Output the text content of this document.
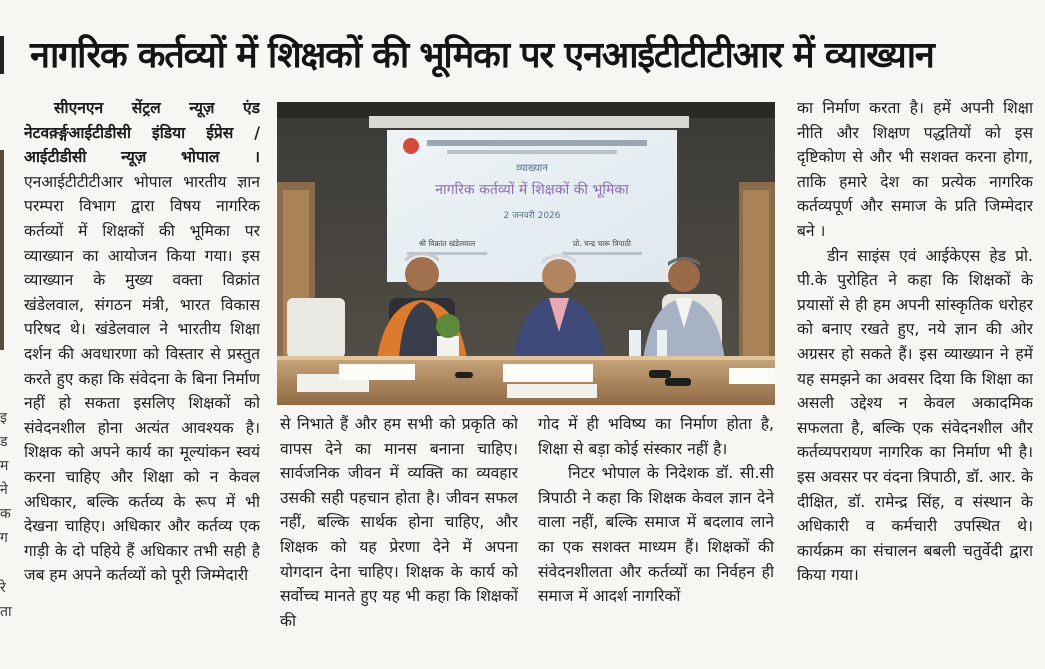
इ
ड
म
ने
क
ग
रे
ता
नागरिक कर्तव्यों में शिक्षकों की भूमिका पर एनआईटीटीटीआर में व्याख्यान

सीएनएन सेंट्रल न्यूज़ एंड नेटवर्क़्ङ्गआईटीडीसी इंडिया ईप्रेस /आईटीडीसी न्यूज़ भोपाल । एनआईटीटीटीआर भोपाल भारतीय ज्ञान परम्परा विभाग द्वारा विषय नागरिक कर्तव्यों में शिक्षकों की भूमिका पर व्याख्यान का आयोजन किया गया। इस व्याख्यान के मुख्य वक्ता विक्रांत खंडेलवाल, संगठन मंत्री, भारत विकास परिषद थे। खंडेलवाल ने भारतीय शिक्षा दर्शन की अवधारणा को विस्तार से प्रस्तुत करते हुए कहा कि संवेदना के बिना निर्माण नहीं हो सकता इसलिए शिक्षकों को संवेदनशील होना अत्यंत आवश्यक है। शिक्षक को अपने कार्य का मूल्यांकन स्वयं करना चाहिए और शिक्षा को न केवल अधिकार, बल्कि कर्तव्य के रूप में भी देखना चाहिए। अधिकार और कर्तव्य एक गाड़ी के दो पहिये हैं अधिकार तभी सही है जब हम अपने कर्तव्यों को पूरी जिम्मेदारी

व्याख्यान
नागरिक कर्तव्यों में शिक्षकों की भूमिका
2 जनवरी 2026
श्री विक्रांत खंडेलवाल	प्रो. चन्द्र चारू त्रिपाठी

से निभाते हैं और हम सभी को प्रकृति को वापस देने का मानस बनाना चाहिए। सार्वजनिक जीवन में व्यक्ति का व्यवहार उसकी सही पहचान होता है। जीवन सफल नहीं, बल्कि सार्थक होना चाहिए, और शिक्षक को यह प्रेरणा देने में अपना योगदान देना चाहिए। शिक्षक के कार्य को सर्वोच्च मानते हुए यह भी कहा कि शिक्षकों की

गोद में ही भविष्य का निर्माण होता है, शिक्षा से बड़ा कोई संस्कार नहीं है।

निटर भोपाल के निदेशक डॉ. सी.सी त्रिपाठी ने कहा कि शिक्षक केवल ज्ञान देने वाला नहीं, बल्कि समाज में बदलाव लाने का एक सशक्त माध्यम हैं। शिक्षकों की संवेदनशीलता और कर्तव्यों का निर्वहन ही समाज में आदर्श नागरिकों

का निर्माण करता है। हमें अपनी शिक्षा नीति और शिक्षण पद्धतियों को इस दृष्टिकोण से और भी सशक्त करना होगा, ताकि हमारे देश का प्रत्येक नागरिक कर्तव्यपूर्ण और समाज के प्रति जिम्मेदार बने ।

डीन साइंस एवं आईकेएस हेड प्रो. पी.के पुरोहित ने कहा कि शिक्षकों के प्रयासों से ही हम अपनी सांस्कृतिक धरोहर को बनाए रखते हुए, नये ज्ञान की ओर अग्रसर हो सकते हैं। इस व्याख्यान ने हमें यह समझने का अवसर दिया कि शिक्षा का असली उद्देश्य न केवल अकादमिक सफलता है, बल्कि एक संवेदनशील और कर्तव्यपरायण नागरिक का निर्माण भी है। इस अवसर पर वंदना त्रिपाठी, डॉ. आर. के दीक्षित, डॉ. रामेन्द्र सिंह, व संस्थान के अधिकारी व कर्मचारी उपस्थित थे। कार्यक्रम का संचालन बबली चतुर्वेदी द्वारा किया गया।
